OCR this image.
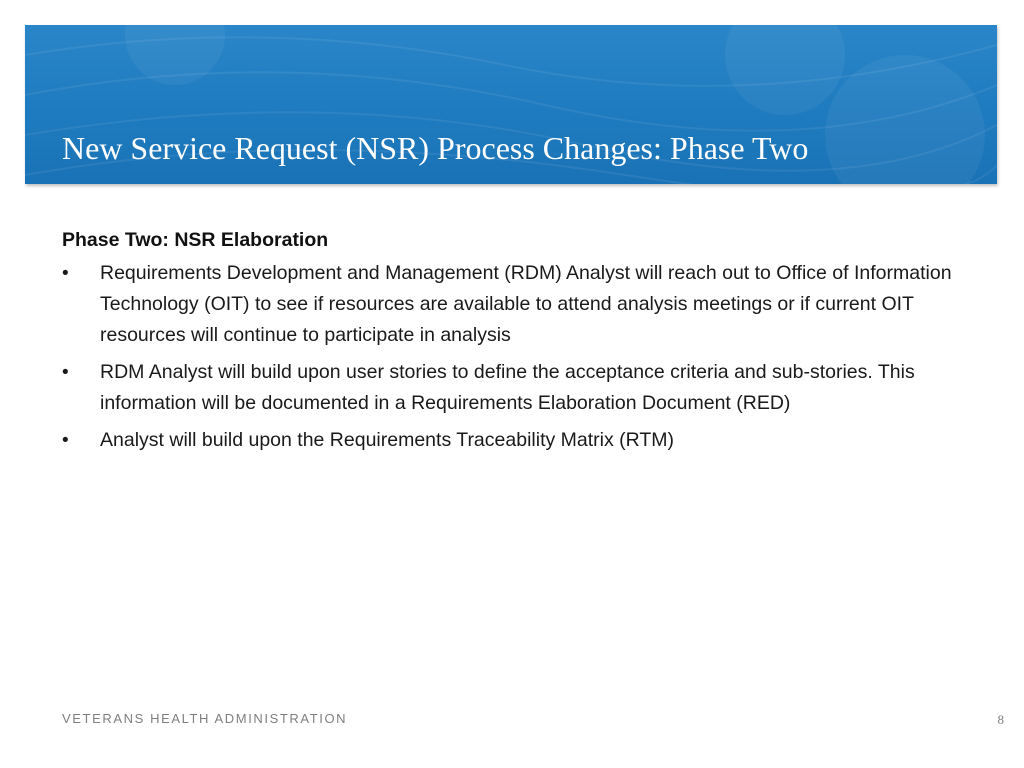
New Service Request (NSR) Process Changes: Phase Two

Phase Two: NSR Elaboration

•	Requirements Development and Management (RDM) Analyst will reach out to Office of Information Technology (OIT) to see if resources are available to attend analysis meetings or if current OIT resources will continue to participate in analysis
•	RDM Analyst will build upon user stories to define the acceptance criteria and sub-stories. This information will be documented in a Requirements Elaboration Document (RED)
•	Analyst will build upon the Requirements Traceability Matrix (RTM)
VETERANS HEALTH ADMINISTRATION	8
